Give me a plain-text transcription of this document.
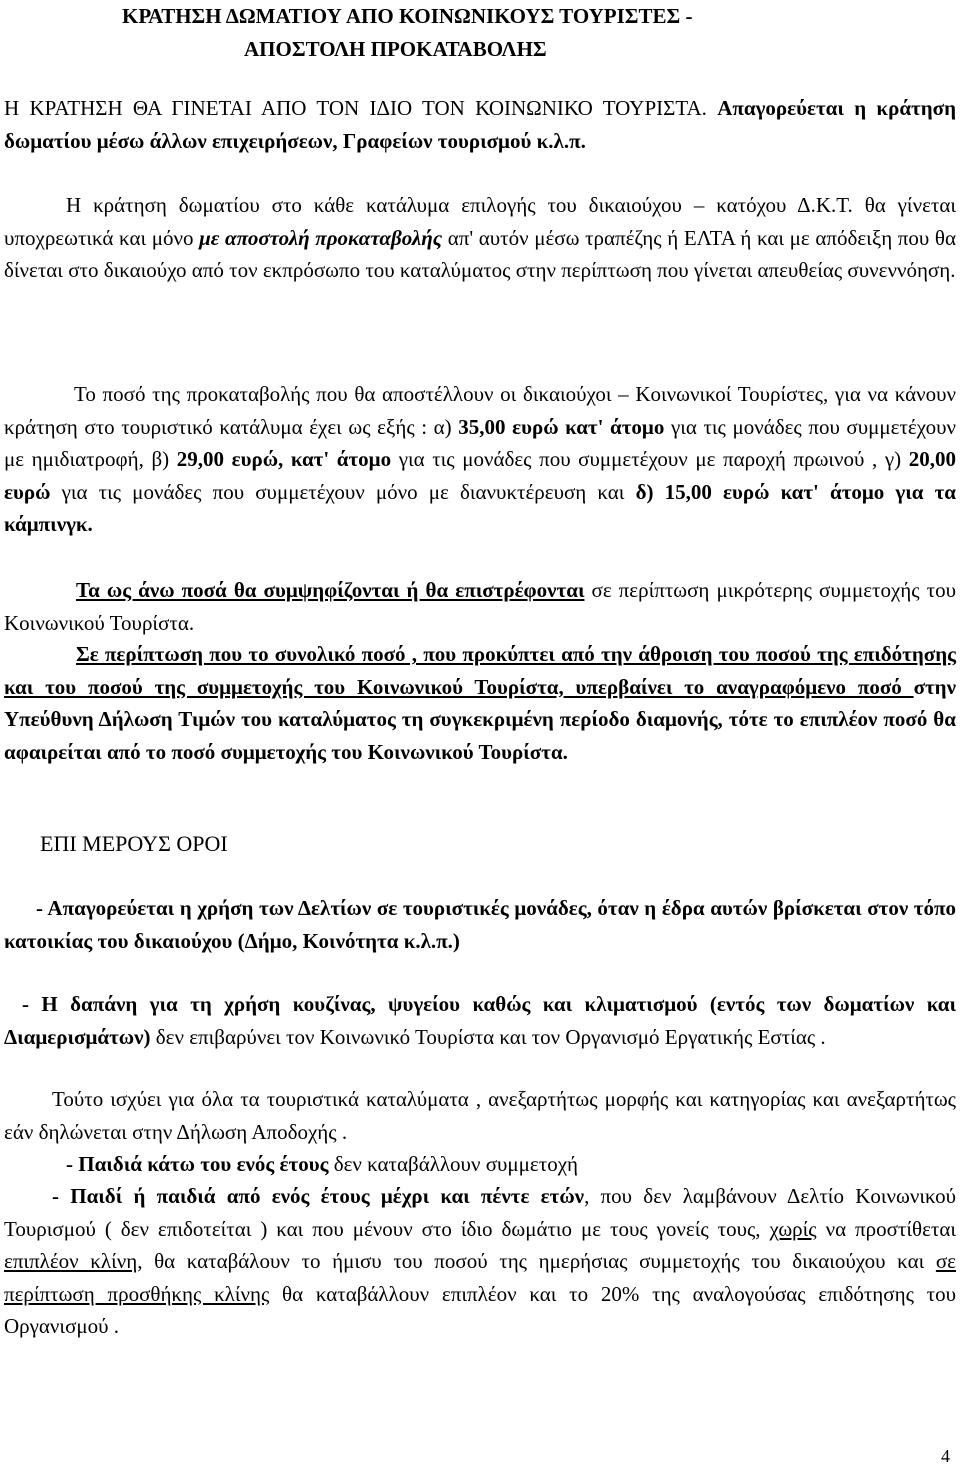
ΚΡΑΤΗΣΗ ΔΩΜΑΤΙΟΥ ΑΠΟ ΚΟΙΝΩΝΙΚΟΥΣ ΤΟΥΡΙΣΤΕΣ -
ΑΠΟΣΤΟΛΗ ΠΡΟΚΑΤΑΒΟΛΗΣ
Η ΚΡΑΤΗΣΗ ΘΑ ΓΙΝΕΤΑΙ ΑΠΟ ΤΟΝ ΙΔΙΟ ΤΟΝ ΚΟΙΝΩΝΙΚΟ ΤΟΥΡΙΣΤΑ. Απαγορεύεται η κράτηση δωματίου μέσω άλλων επιχειρήσεων, Γραφείων τουρισμού κ.λ.π.
Η κράτηση δωματίου στο κάθε κατάλυμα επιλογής του δικαιούχου – κατόχου Δ.Κ.Τ. θα γίνεται υποχρεωτικά και μόνο με αποστολή προκαταβολής απ' αυτόν μέσω τραπέζης ή ΕΛΤΑ ή και με απόδειξη που θα δίνεται στο δικαιούχο από τον εκπρόσωπο του καταλύματος στην περίπτωση που γίνεται απευθείας συνεννόηση.
Το ποσό της προκαταβολής που θα αποστέλλουν οι δικαιούχοι – Κοινωνικοί Τουρίστες, για να κάνουν κράτηση στο τουριστικό κατάλυμα έχει ως εξής : α) 35,00 ευρώ κατ' άτομο για τις μονάδες που συμμετέχουν με ημιδιατροφή, β) 29,00 ευρώ, κατ' άτομο για τις μονάδες που συμμετέχουν με παροχή πρωινού , γ) 20,00 ευρώ για τις μονάδες που συμμετέχουν μόνο με διανυκτέρευση και δ) 15,00 ευρώ κατ' άτομο για τα κάμπινγκ.
Τα ως άνω ποσά θα συμψηφίζονται ή θα επιστρέφονται σε περίπτωση μικρότερης συμμετοχής του Κοινωνικού Τουρίστα.
Σε περίπτωση που το συνολικό ποσό , που προκύπτει από την άθροιση του ποσού της επιδότησης και του ποσού της συμμετοχής του Κοινωνικού Τουρίστα, υπερβαίνει το αναγραφόμενο ποσό στην Υπεύθυνη Δήλωση Τιμών του καταλύματος τη συγκεκριμένη περίοδο διαμονής, τότε το επιπλέον ποσό θα αφαιρείται από το ποσό συμμετοχής του Κοινωνικού Τουρίστα.
ΕΠΙ ΜΕΡΟΥΣ ΟΡΟΙ
- Απαγορεύεται η χρήση των Δελτίων σε τουριστικές μονάδες, όταν η έδρα αυτών βρίσκεται στον τόπο κατοικίας του δικαιούχου (Δήμο, Κοινότητα κ.λ.π.)
- Η δαπάνη για τη χρήση κουζίνας, ψυγείου καθώς και κλιματισμού (εντός των δωματίων και Διαμερισμάτων) δεν επιβαρύνει τον Κοινωνικό Τουρίστα και τον Οργανισμό Εργατικής Εστίας .
Τούτο ισχύει για όλα τα τουριστικά καταλύματα , ανεξαρτήτως μορφής και κατηγορίας και ανεξαρτήτως εάν δηλώνεται στην Δήλωση Αποδοχής .
- Παιδιά κάτω του ενός έτους δεν καταβάλλουν συμμετοχή
- Παιδί ή παιδιά από ενός έτους μέχρι και πέντε ετών, που δεν λαμβάνουν Δελτίο Κοινωνικού Τουρισμού ( δεν επιδοτείται ) και που μένουν στο ίδιο δωμάτιο με τους γονείς τους, χωρίς να προστίθεται επιπλέον κλίνη, θα καταβάλουν το ήμισυ του ποσού της ημερήσιας συμμετοχής του δικαιούχου και σε περίπτωση προσθήκης κλίνης θα καταβάλλουν επιπλέον και το 20% της αναλογούσας επιδότησης του Οργανισμού .
4
